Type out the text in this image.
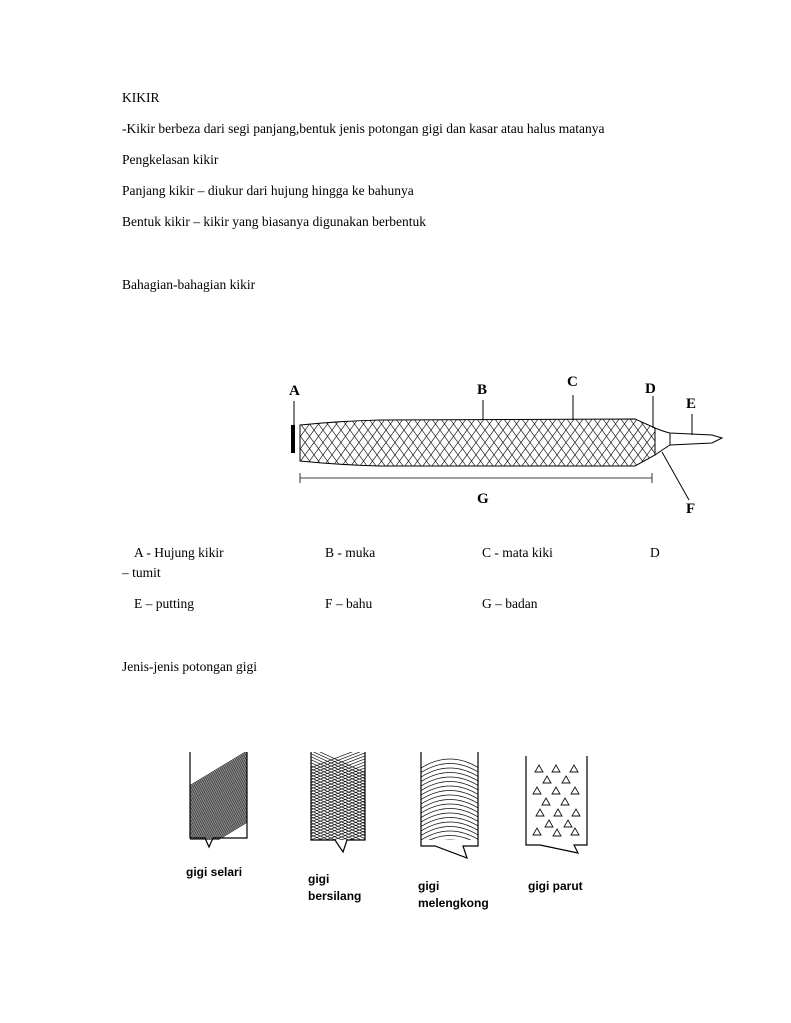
KIKIR
-Kikir berbeza dari segi panjang,bentuk jenis potongan gigi dan kasar atau halus matanya
Pengkelasan kikir
Panjang kikir – diukur dari hujung hingga ke bahunya
Bentuk kikir – kikir yang biasanya digunakan berbentuk
Bahagian-bahagian kikir
A	B	C	D
E
F
G
A - Hujung kikir	B - muka	C - mata kiki	D
– tumit
E – putting	F – bahu	G – badan
Jenis-jenis potongan gigi
gigi selari	gigi
bersilang
gigi
melengkong
gigi parut
